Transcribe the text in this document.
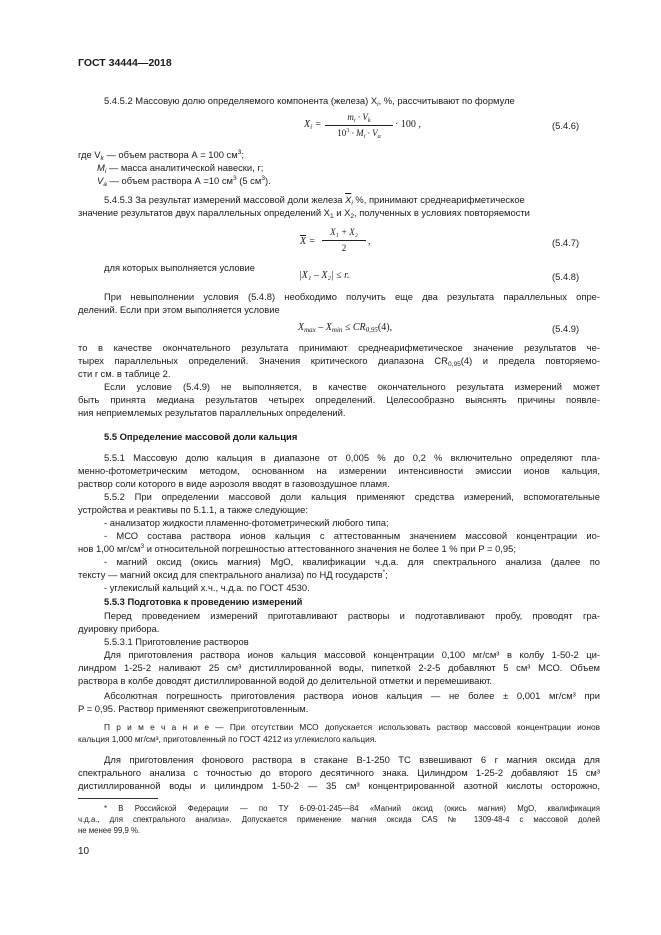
ГОСТ 34444—2018
5.4.5.2 Массовую долю определяемого компонента (железа) $X_i$, %, рассчитывают по формуле
$X_i$ =
$m_i \cdot V_k$
$10^3 \cdot M_i \cdot V_a$
· 100 ,	(5.4.6)
где $V_k$ — объем раствора А = 100 $см^3$;
$M_i$ — масса аналитической навески, г;
$V_a$ — объем раствора А =10 $см^3$ (5 $см^3$).
5.4.5.3 За результат измерений массовой доли железа $\overline{X}_i$ %, принимают среднеарифметическое
значение результатов двух параллельных определений $X_1$ и $X_2$, полученных в условиях повторяемости
$\overline{X}$ =
X₁ + X₂
2
,	(5.4.7)
для которых выполняется условие
|X₁ – X₂| ≤ r.	(5.4.8)
При невыполнении условия (5.4.8) необходимо получить еще два результата параллельных опре-
делений. Если при этом выполняется условие
$X_{max} - X_{min} \le CR_{0,95}(4)$,	(5.4.9)
то в качестве окончательного результата принимают среднеарифметическое значение результатов че-
тырех параллельных определений. Значения критического диапазона $CR_{0,95}(4)$ и предела повторяемо-
сти r см. в таблице 2.
Если условие (5.4.9) не выполняется, в качестве окончательного результата измерений может
быть принята медиана результатов четырех определений. Целесообразно выяснять причины появле-
ния неприемлемых результатов параллельных определений.
5.5 Определение массовой доли кальция
5.5.1 Массовую долю кальция в диапазоне от 0,005 % до 0,2 % включительно определяют пла-
менно-фотометрическим методом, основанном на измерении интенсивности эмиссии ионов кальция,
раствор соли которого в виде аэрозоля вводят в газовоздушное пламя.
5.5.2 При определении массовой доли кальция применяют средства измерений, вспомогательные
устройства и реактивы по 5.1.1, а также следующие:
- анализатор жидкости пламенно-фотометрический любого типа;
- МСО состава раствора ионов кальция с аттестованным значением массовой концентрации ио-
нов 1,00 $мг/см^3$ и относительной погрешностью аттестованного значения не более 1 % при P = 0,95;
- магний оксид (окись магния) MgO, квалификации ч.д.а. для спектрального анализа (далее по
тексту — магний оксид для спектрального анализа) по НД государств*;
- углекислый кальций х.ч., ч.д.а. по ГОСТ 4530.
5.5.3 Подготовка к проведению измерений
Перед проведением измерений приготавливают растворы и подготавливают пробу, проводят гра-
дуировку прибора.
5.5.3.1 Приготовление растворов
Для приготовления раствора ионов кальция массовой концентрации 0,100 мг/см³ в колбу 1-50-2 ци-
линдром 1-25-2 наливают 25 см³ дистиллированной воды, пипеткой 2-2-5 добавляют 5 см³ МСО. Объем
раствора в колбе доводят дистиллированной водой до делительной отметки и перемешивают.
Абсолютная погрешность приготовления раствора ионов кальция — не более ± 0,001 мг/см³ при
P = 0,95. Раствор применяют свежеприготовленным.
П р и м е ч а н и е — При отсутствии МСО допускается использовать раствор массовой концентрации ионов
кальция 1,000 мг/см³, приготовленный по ГОСТ 4212 из углекислого кальция.
Для приготовления фонового раствора в стакане В-1-250 ТС взвешивают 6 г магния оксида для
спектрального анализа с точностью до второго десятичного знака. Цилиндром 1-25-2 добавляют 15 см³
дистиллированной воды и цилиндром 1-50-2 — 35 см³ концентрированной азотной кислоты осторожно,
* В Российской Федерации — по ТУ 6-09-01-245—84 «Магний оксид (окись магния) MgO, квалификация
ч.д.а., для спектрального анализа». Допускается применение магния оксида CAS № 1309-48-4 с массовой долей
не менее 99,9 %.
10
